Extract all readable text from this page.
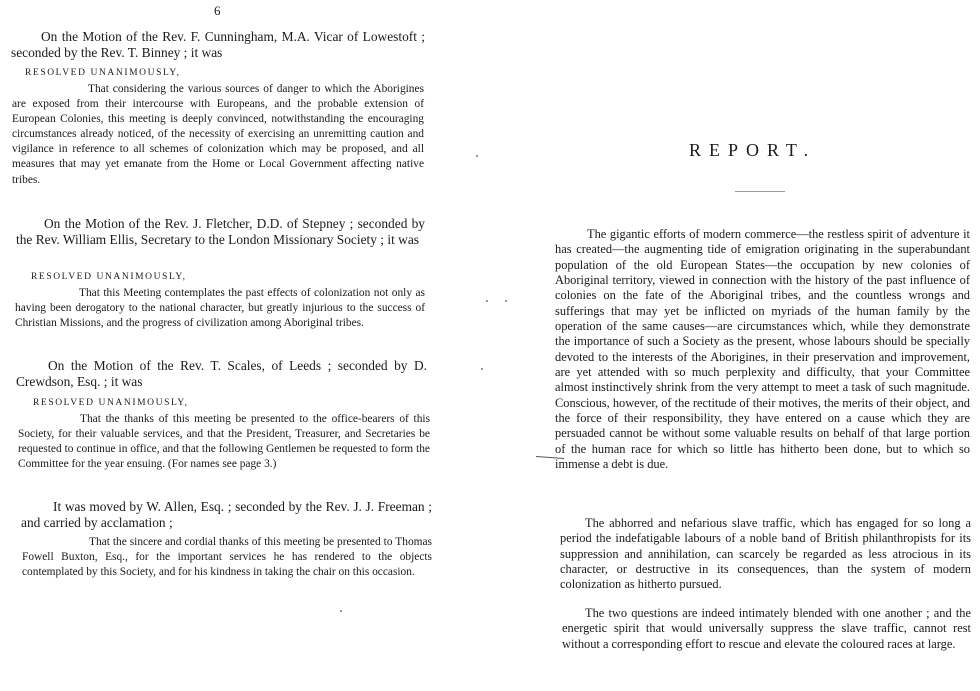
6

On the Motion of the Rev. F. Cunningham, M.A. Vicar of Lowestoft ; seconded by the Rev. T. Binney ; it was

RESOLVED UNANIMOUSLY,

That considering the various sources of danger to which the Aborigines are exposed from their intercourse with Europeans, and the probable extension of European Colonies, this meeting is deeply convinced, notwithstanding the encouraging circumstances already noticed, of the necessity of exercising an unremitting caution and vigilance in reference to all schemes of colonization which may be proposed, and all measures that may yet emanate from the Home or Local Government affecting native tribes.

On the Motion of the Rev. J. Fletcher, D.D. of Stepney ; seconded by the Rev. William Ellis, Secretary to the London Missionary Society ; it was

RESOLVED UNANIMOUSLY,

That this Meeting contemplates the past effects of colonization not only as having been derogatory to the national character, but greatly injurious to the success of Christian Missions, and the progress of civilization among Aboriginal tribes.

On the Motion of the Rev. T. Scales, of Leeds ; seconded by D. Crewdson, Esq. ; it was

RESOLVED UNANIMOUSLY,

That the thanks of this meeting be presented to the office-bearers of this Society, for their valuable services, and that the President, Treasurer, and Secretaries be requested to continue in office, and that the following Gentlemen be requested to form the Committee for the year ensuing. (For names see page 3.)

It was moved by W. Allen, Esq. ; seconded by the Rev. J. J. Freeman ; and carried by acclamation ;

That the sincere and cordial thanks of this meeting be presented to Thomas Fowell Buxton, Esq., for the important services he has rendered to the objects contemplated by this Society, and for his kindness in taking the chair on this occasion.

REPORT.

The gigantic efforts of modern commerce—the restless spirit of adventure it has created—the augmenting tide of emigration originating in the superabundant population of the old European States—the occupation by new colonies of Aboriginal territory, viewed in connection with the history of the past influence of colonies on the fate of the Aboriginal tribes, and the countless wrongs and sufferings that may yet be inflicted on myriads of the human family by the operation of the same causes—are circumstances which, while they demonstrate the importance of such a Society as the present, whose labours should be specially devoted to the interests of the Aborigines, in their preservation and improvement, are yet attended with so much perplexity and difficulty, that your Committee almost instinctively shrink from the very attempt to meet a task of such magnitude. Conscious, however, of the rectitude of their motives, the merits of their object, and the force of their responsibility, they have entered on a cause which they are persuaded cannot be without some valuable results on behalf of that large portion of the human race for which so little has hitherto been done, but to which so immense a debt is due.

The abhorred and nefarious slave traffic, which has engaged for so long a period the indefatigable labours of a noble band of British philanthropists for its suppression and annihilation, can scarcely be regarded as less atrocious in its character, or destructive in its consequences, than the system of modern colonization as hitherto pursued.

The two questions are indeed intimately blended with one another ; and the energetic spirit that would universally suppress the slave traffic, cannot rest without a corresponding effort to rescue and elevate the coloured races at large.
